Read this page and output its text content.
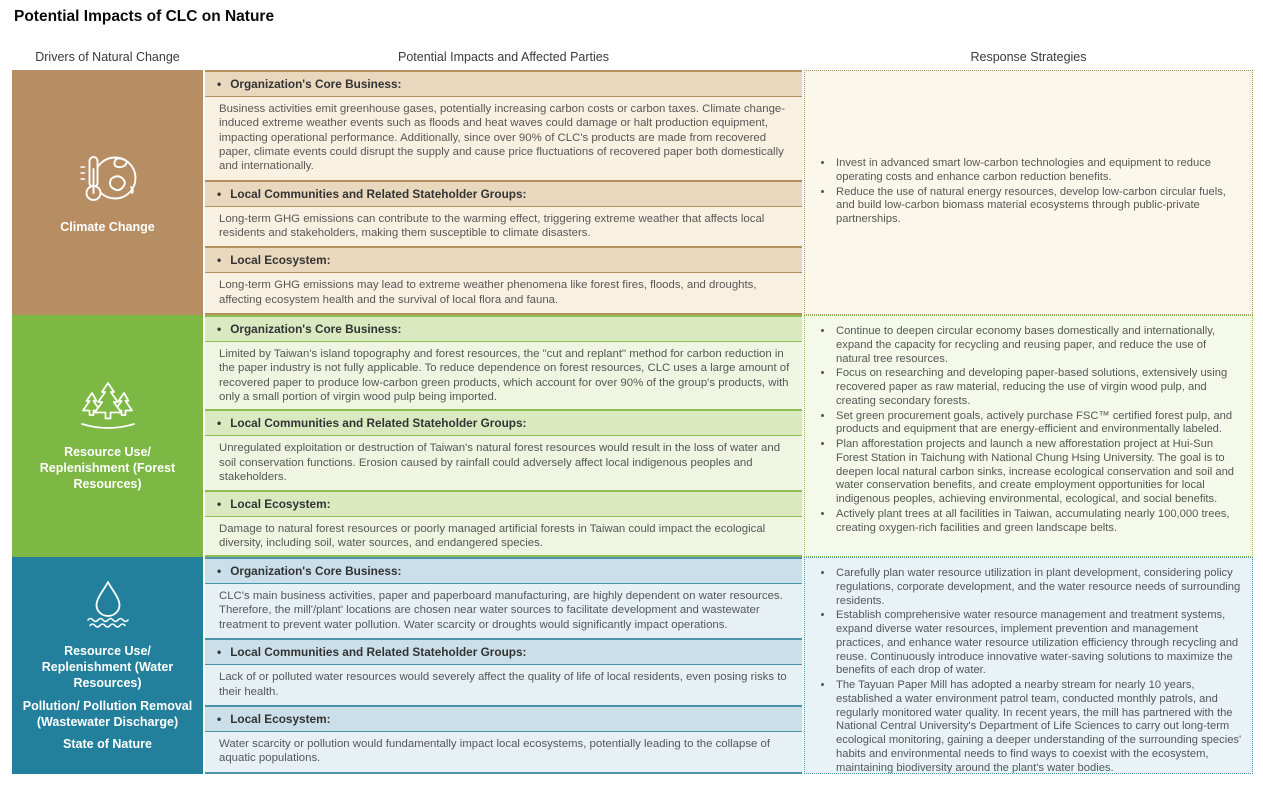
Potential Impacts of CLC on Nature
Drivers of Natural Change	Potential Impacts and Affected Parties	Response Strategies
Climate Change
• Organization's Core Business:
Business activities emit greenhouse gases, potentially increasing carbon costs or carbon taxes. Climate change-induced extreme weather events such as floods and heat waves could damage or halt production equipment, impacting operational performance. Additionally, since over 90% of CLC's products are made from recovered paper, climate events could disrupt the supply and cause price fluctuations of recovered paper both domestically and internationally.
• Local Communities and Related Stateholder Groups:
Long-term GHG emissions can contribute to the warming effect, triggering extreme weather that affects local residents and stakeholders, making them susceptible to climate disasters.
• Local Ecosystem:
Long-term GHG emissions may lead to extreme weather phenomena like forest fires, floods, and droughts, affecting ecosystem health and the survival of local flora and fauna.
• Invest in advanced smart low-carbon technologies and equipment to reduce operating costs and enhance carbon reduction benefits.
• Reduce the use of natural energy resources, develop low-carbon circular fuels, and build low-carbon biomass material ecosystems through public-private partnerships.
Resource Use/ Replenishment (Forest Resources)
• Organization's Core Business:
Limited by Taiwan's island topography and forest resources, the "cut and replant" method for carbon reduction in the paper industry is not fully applicable. To reduce dependence on forest resources, CLC uses a large amount of recovered paper to produce low-carbon green products, which account for over 90% of the group's products, with only a small portion of virgin wood pulp being imported.
• Local Communities and Related Stateholder Groups:
Unregulated exploitation or destruction of Taiwan's natural forest resources would result in the loss of water and soil conservation functions. Erosion caused by rainfall could adversely affect local indigenous peoples and stakeholders.
• Local Ecosystem:
Damage to natural forest resources or poorly managed artificial forests in Taiwan could impact the ecological diversity, including soil, water sources, and endangered species.
• Continue to deepen circular economy bases domestically and internationally, expand the capacity for recycling and reusing paper, and reduce the use of natural tree resources.
• Focus on researching and developing paper-based solutions, extensively using recovered paper as raw material, reducing the use of virgin wood pulp, and creating secondary forests.
• Set green procurement goals, actively purchase FSC™ certified forest pulp, and products and equipment that are energy-efficient and environmentally labeled.
• Plan afforestation projects and launch a new afforestation project at Hui-Sun Forest Station in Taichung with National Chung Hsing University. The goal is to deepen local natural carbon sinks, increase ecological conservation and soil and water conservation benefits, and create employment opportunities for local indigenous peoples, achieving environmental, ecological, and social benefits.
• Actively plant trees at all facilities in Taiwan, accumulating nearly 100,000 trees, creating oxygen-rich facilities and green landscape belts.
Resource Use/ Replenishment (Water Resources)
Pollution/ Pollution Removal (Wastewater Discharge)
State of Nature
• Organization's Core Business:
CLC's main business activities, paper and paperboard manufacturing, are highly dependent on water resources. Therefore, the mill'/plant' locations are chosen near water sources to facilitate development and wastewater treatment to prevent water pollution. Water scarcity or droughts would significantly impact operations.
• Local Communities and Related Stateholder Groups:
Lack of or polluted water resources would severely affect the quality of life of local residents, even posing risks to their health.
• Local Ecosystem:
Water scarcity or pollution would fundamentally impact local ecosystems, potentially leading to the collapse of aquatic populations.
• Carefully plan water resource utilization in plant development, considering policy regulations, corporate development, and the water resource needs of surrounding residents.
• Establish comprehensive water resource management and treatment systems, expand diverse water resources, implement prevention and management practices, and enhance water resource utilization efficiency through recycling and reuse. Continuously introduce innovative water-saving solutions to maximize the benefits of each drop of water.
• The Tayuan Paper Mill has adopted a nearby stream for nearly 10 years, established a water environment patrol team, conducted monthly patrols, and regularly monitored water quality. In recent years, the mill has partnered with the National Central University's Department of Life Sciences to carry out long-term ecological monitoring, gaining a deeper understanding of the surrounding species' habits and environmental needs to find ways to coexist with the ecosystem, maintaining biodiversity around the plant's water bodies.
